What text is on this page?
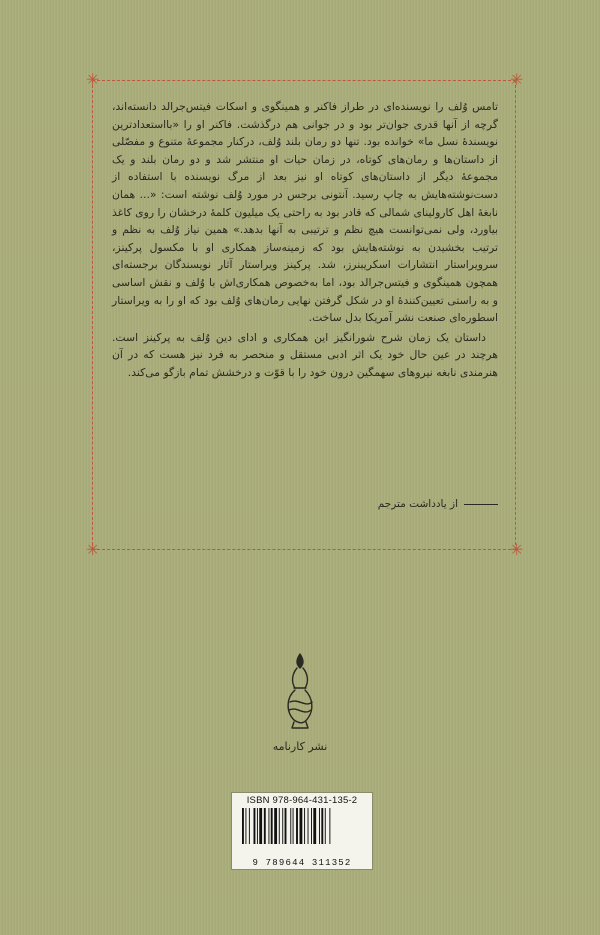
✳	✳
✳	✳

تامس وُلف را نویسنده‌ای در طراز فاکنر و همینگوی و اسکات فیتس‌جرالد دانسته‌اند، گرچه از آنها قدری جوان‌تر بود و در جوانی هم درگذشت. فاکنر او را «بااستعدادترین نویسندهٔ نسل ما» خوانده بود. تنها دو رمان بلند وُلف، درکنار مجموعهٔ متنوع و مفصّلی از داستان‌ها و رمان‌های کوتاه، در زمان حیات او منتشر شد و دو رمان بلند و یک مجموعهٔ دیگر از داستان‌های کوتاه او نیز بعد از مرگ نویسنده با استفاده از دست‌نوشته‌هایش به چاپ رسید. آنتونی برجس در مورد وُلف نوشته است: «... همان نابغهٔ اهل کارولینای شمالی که قادر بود به راحتی یک میلیون کلمهٔ درخشان را روی کاغذ بیاورد، ولی نمی‌توانست هیچ نظم و ترتیبی به آنها بدهد.» همین نیاز وُلف به نظم و ترتیب بخشیدن به نوشته‌هایش بود که زمینه‌ساز همکاری او با مکسول پرکینز، سرویراستار انتشارات اسکریبنرز، شد. پرکینز ویراستار آثار نویسندگان برجسته‌ای همچون همینگوی و فیتس‌جرالد بود، اما به‌خصوص همکاری‌اش با وُلف و نقش اساسی و به راستی تعیین‌کنندهٔ او در شکل گرفتن نهایی رمان‌های وُلف بود که او را به ویراستار اسطوره‌ای صنعت نشر آمریکا بدل ساخت.

داستان یک زمان شرح شورانگیز این همکاری و ادای دین وُلف به پرکینز است. هرچند در عین حال خود یک اثر ادبی مستقل و منحصر به فرد نیز هست که در آن هنرمندی نابغه نیروهای سهمگین درون خود را با قوّت و درخشش تمام بازگو می‌کند.

از یادداشت مترجم
نشر کارنامه
ISBN 978-964-431-135-2
9 789644 311352
